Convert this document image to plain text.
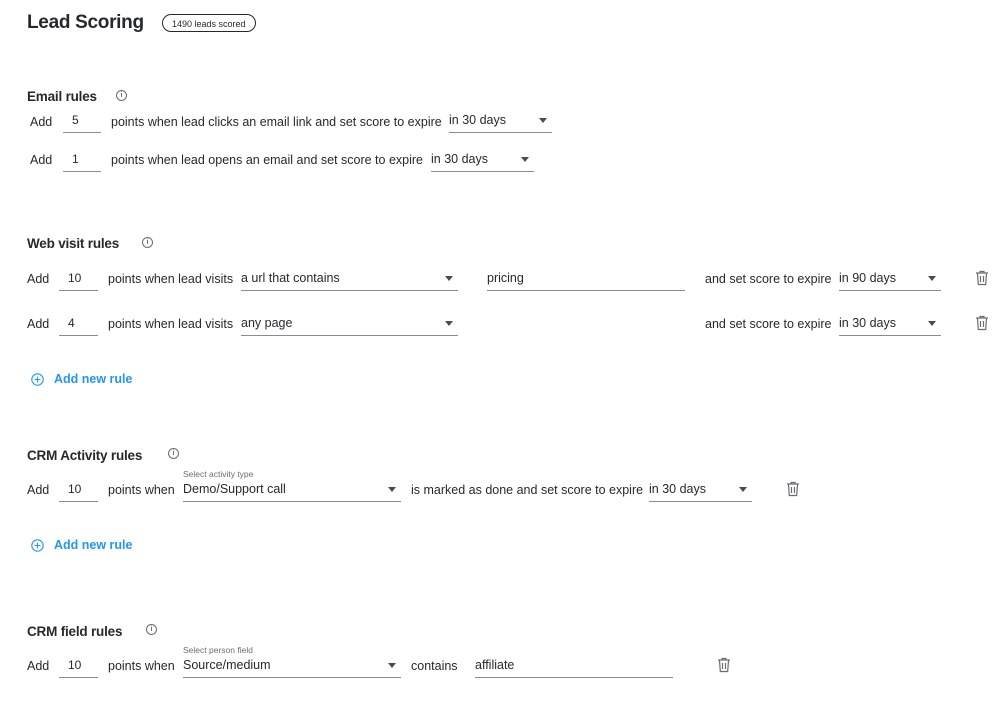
Lead Scoring	1490 leads scored
Email rules	i
Add	5	points when lead clicks an email link and set score to expire in 30 days
Add	1	points when lead opens an email and set score to expire in 30 days
Web visit rules	i
Add	10	points when lead visits a url that contains	pricing	and set score to expire in 90 days
Add	4	points when lead visits any page	and set score to expire in 30 days
Add new rule
CRM Activity rules	i
Add	10	points when
Select activity type
Demo/Support call	is marked as done and set score to expire in 30 days
Add new rule
CRM field rules	i
Add	10	points when
Select person field
Source/medium	contains affiliate
